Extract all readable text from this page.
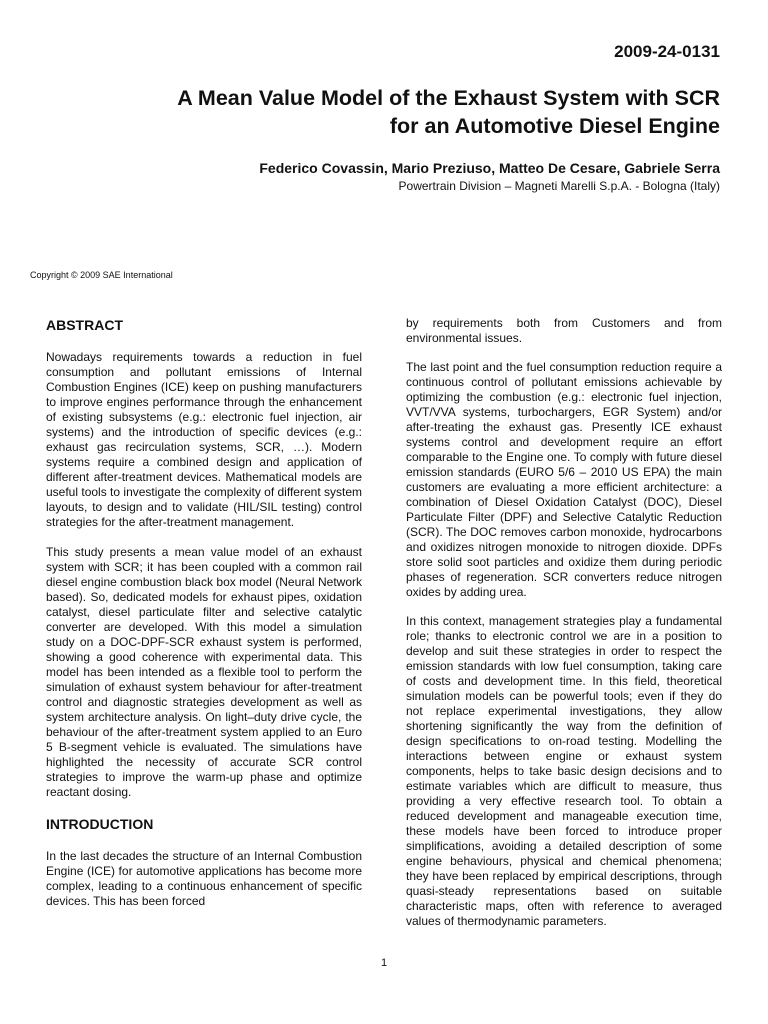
2009-24-0131
A Mean Value Model of the Exhaust System with SCR
for an Automotive Diesel Engine
Federico Covassin, Mario Preziuso, Matteo De Cesare, Gabriele Serra
Powertrain Division – Magneti Marelli S.p.A. - Bologna (Italy)
Copyright © 2009 SAE International
ABSTRACT

Nowadays requirements towards a reduction in fuel consumption and pollutant emissions of Internal Combustion Engines (ICE) keep on pushing manufacturers to improve engines performance through the enhancement of existing subsystems (e.g.: electronic fuel injection, air systems) and the introduction of specific devices (e.g.: exhaust gas recirculation systems, SCR, …). Modern systems require a combined design and application of different after-treatment devices. Mathematical models are useful tools to investigate the complexity of different system layouts, to design and to validate (HIL/SIL testing) control strategies for the after-treatment management.

This study presents a mean value model of an exhaust system with SCR; it has been coupled with a common rail diesel engine combustion black box model (Neural Network based). So, dedicated models for exhaust pipes, oxidation catalyst, diesel particulate filter and selective catalytic converter are developed. With this model a simulation study on a DOC-DPF-SCR exhaust system is performed, showing a good coherence with experimental data. This model has been intended as a flexible tool to perform the simulation of exhaust system behaviour for after-treatment control and diagnostic strategies development as well as system architecture analysis. On light–duty drive cycle, the behaviour of the after-treatment system applied to an Euro 5 B-segment vehicle is evaluated. The simulations have highlighted the necessity of accurate SCR control strategies to improve the warm-up phase and optimize reactant dosing.

INTRODUCTION

In the last decades the structure of an Internal Combustion Engine (ICE) for automotive applications has become more complex, leading to a continuous enhancement of specific devices. This has been forced

by requirements both from Customers and from environmental issues.

The last point and the fuel consumption reduction require a continuous control of pollutant emissions achievable by optimizing the combustion (e.g.: electronic fuel injection, VVT/VVA systems, turbochargers, EGR System) and/or after-treating the exhaust gas. Presently ICE exhaust systems control and development require an effort comparable to the Engine one. To comply with future diesel emission standards (EURO 5/6 – 2010 US EPA) the main customers are evaluating a more efficient architecture: a combination of Diesel Oxidation Catalyst (DOC), Diesel Particulate Filter (DPF) and Selective Catalytic Reduction (SCR). The DOC removes carbon monoxide, hydrocarbons and oxidizes nitrogen monoxide to nitrogen dioxide. DPFs store solid soot particles and oxidize them during periodic phases of regeneration. SCR converters reduce nitrogen oxides by adding urea.

In this context, management strategies play a fundamental role; thanks to electronic control we are in a position to develop and suit these strategies in order to respect the emission standards with low fuel consumption, taking care of costs and development time. In this field, theoretical simulation models can be powerful tools; even if they do not replace experimental investigations, they allow shortening significantly the way from the definition of design specifications to on-road testing. Modelling the interactions between engine or exhaust system components, helps to take basic design decisions and to estimate variables which are difficult to measure, thus providing a very effective research tool. To obtain a reduced development and manageable execution time, these models have been forced to introduce proper simplifications, avoiding a detailed description of some engine behaviours, physical and chemical phenomena; they have been replaced by empirical descriptions, through quasi-steady representations based on suitable characteristic maps, often with reference to averaged values of thermodynamic parameters.

1
